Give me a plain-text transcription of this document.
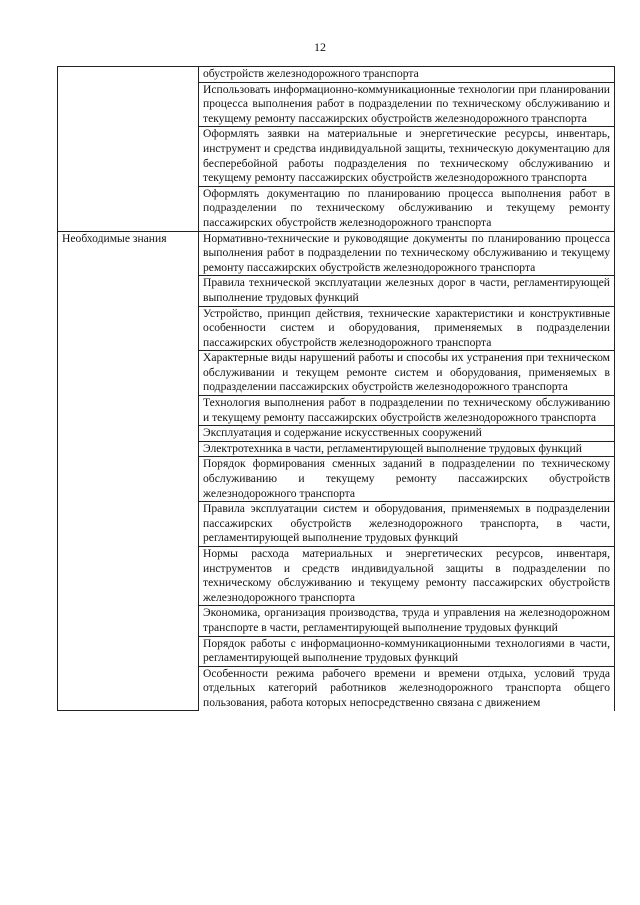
12
	обустройств железнодорожного транспорта
	Использовать информационно-коммуникационные технологии при планировании процесса выполнения работ в подразделении по техническому обслуживанию и текущему ремонту пассажирских обустройств железнодорожного транспорта
	Оформлять заявки на материальные и энергетические ресурсы, инвентарь, инструмент и средства индивидуальной защиты, техническую документацию для бесперебойной работы подразделения по техническому обслуживанию и текущему ремонту пассажирских обустройств железнодорожного транспорта
	Оформлять документацию по планированию процесса выполнения работ в подразделении по техническому обслуживанию и текущему ремонту пассажирских обустройств железнодорожного транспорта
Необходимые знания	Нормативно-технические и руководящие документы по планированию процесса выполнения работ в подразделении по техническому обслуживанию и текущему ремонту пассажирских обустройств железнодорожного транспорта
	Правила технической эксплуатации железных дорог в части, регламентирующей выполнение трудовых функций
	Устройство, принцип действия, технические характеристики и конструктивные особенности систем и оборудования, применяемых в подразделении пассажирских обустройств железнодорожного транспорта
	Характерные виды нарушений работы и способы их устранения при техническом обслуживании и текущем ремонте систем и оборудования, применяемых в подразделении пассажирских обустройств железнодорожного транспорта
	Технология выполнения работ в подразделении по техническому обслуживанию и текущему ремонту пассажирских обустройств железнодорожного транспорта
	Эксплуатация и содержание искусственных сооружений
	Электротехника в части, регламентирующей выполнение трудовых функций
	Порядок формирования сменных заданий в подразделении по техническому обслуживанию и текущему ремонту пассажирских обустройств железнодорожного транспорта
	Правила эксплуатации систем и оборудования, применяемых в подразделении пассажирских обустройств железнодорожного транспорта, в части, регламентирующей выполнение трудовых функций
	Нормы расхода материальных и энергетических ресурсов, инвентаря, инструментов и средств индивидуальной защиты в подразделении по техническому обслуживанию и текущему ремонту пассажирских обустройств железнодорожного транспорта
	Экономика, организация производства, труда и управления на железнодорожном транспорте в части, регламентирующей выполнение трудовых функций
	Порядок работы с информационно-коммуникационными технологиями в части, регламентирующей выполнение трудовых функций
	Особенности режима рабочего времени и времени отдыха, условий труда отдельных категорий работников железнодорожного транспорта общего пользования, работа которых непосредственно связана с движением
